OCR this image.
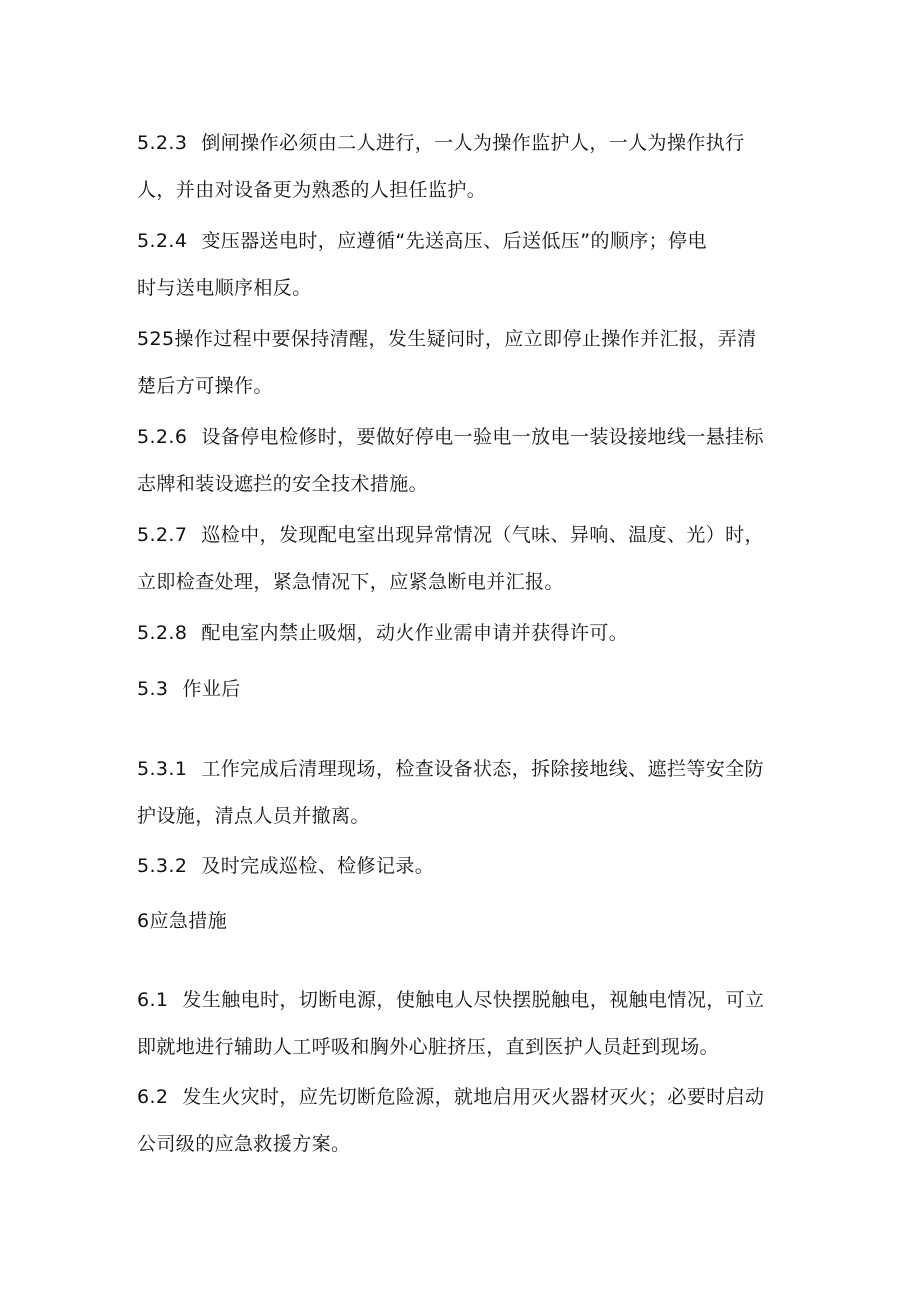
5.2.3 倒闸操作必须由二人进行，一人为操作监护人，一人为操作执行
人，并由对设备更为熟悉的人担任监护。
5.2.4 变压器送电时，应遵循“先送高压、后送低压”的顺序；停电
时与送电顺序相反。
525操作过程中要保持清醒，发生疑问时，应立即停止操作并汇报，弄清
楚后方可操作。
5.2.6 设备停电检修时，要做好停电一验电一放电一装设接地线一悬挂标
志牌和装设遮拦的安全技术措施。
5.2.7 巡检中，发现配电室出现异常情况（气味、异响、温度、光）时，
立即检查处理，紧急情况下，应紧急断电并汇报。
5.2.8 配电室内禁止吸烟，动火作业需申请并获得许可。
5.3 作业后
5.3.1 工作完成后清理现场，检查设备状态，拆除接地线、遮拦等安全防
护设施，清点人员并撤离。
5.3.2 及时完成巡检、检修记录。
6应急措施
6.1 发生触电时，切断电源，使触电人尽快摆脱触电，视触电情况，可立
即就地进行辅助人工呼吸和胸外心脏挤压，直到医护人员赶到现场。
6.2 发生火灾时，应先切断危险源，就地启用灭火器材灭火；必要时启动
公司级的应急救援方案。
